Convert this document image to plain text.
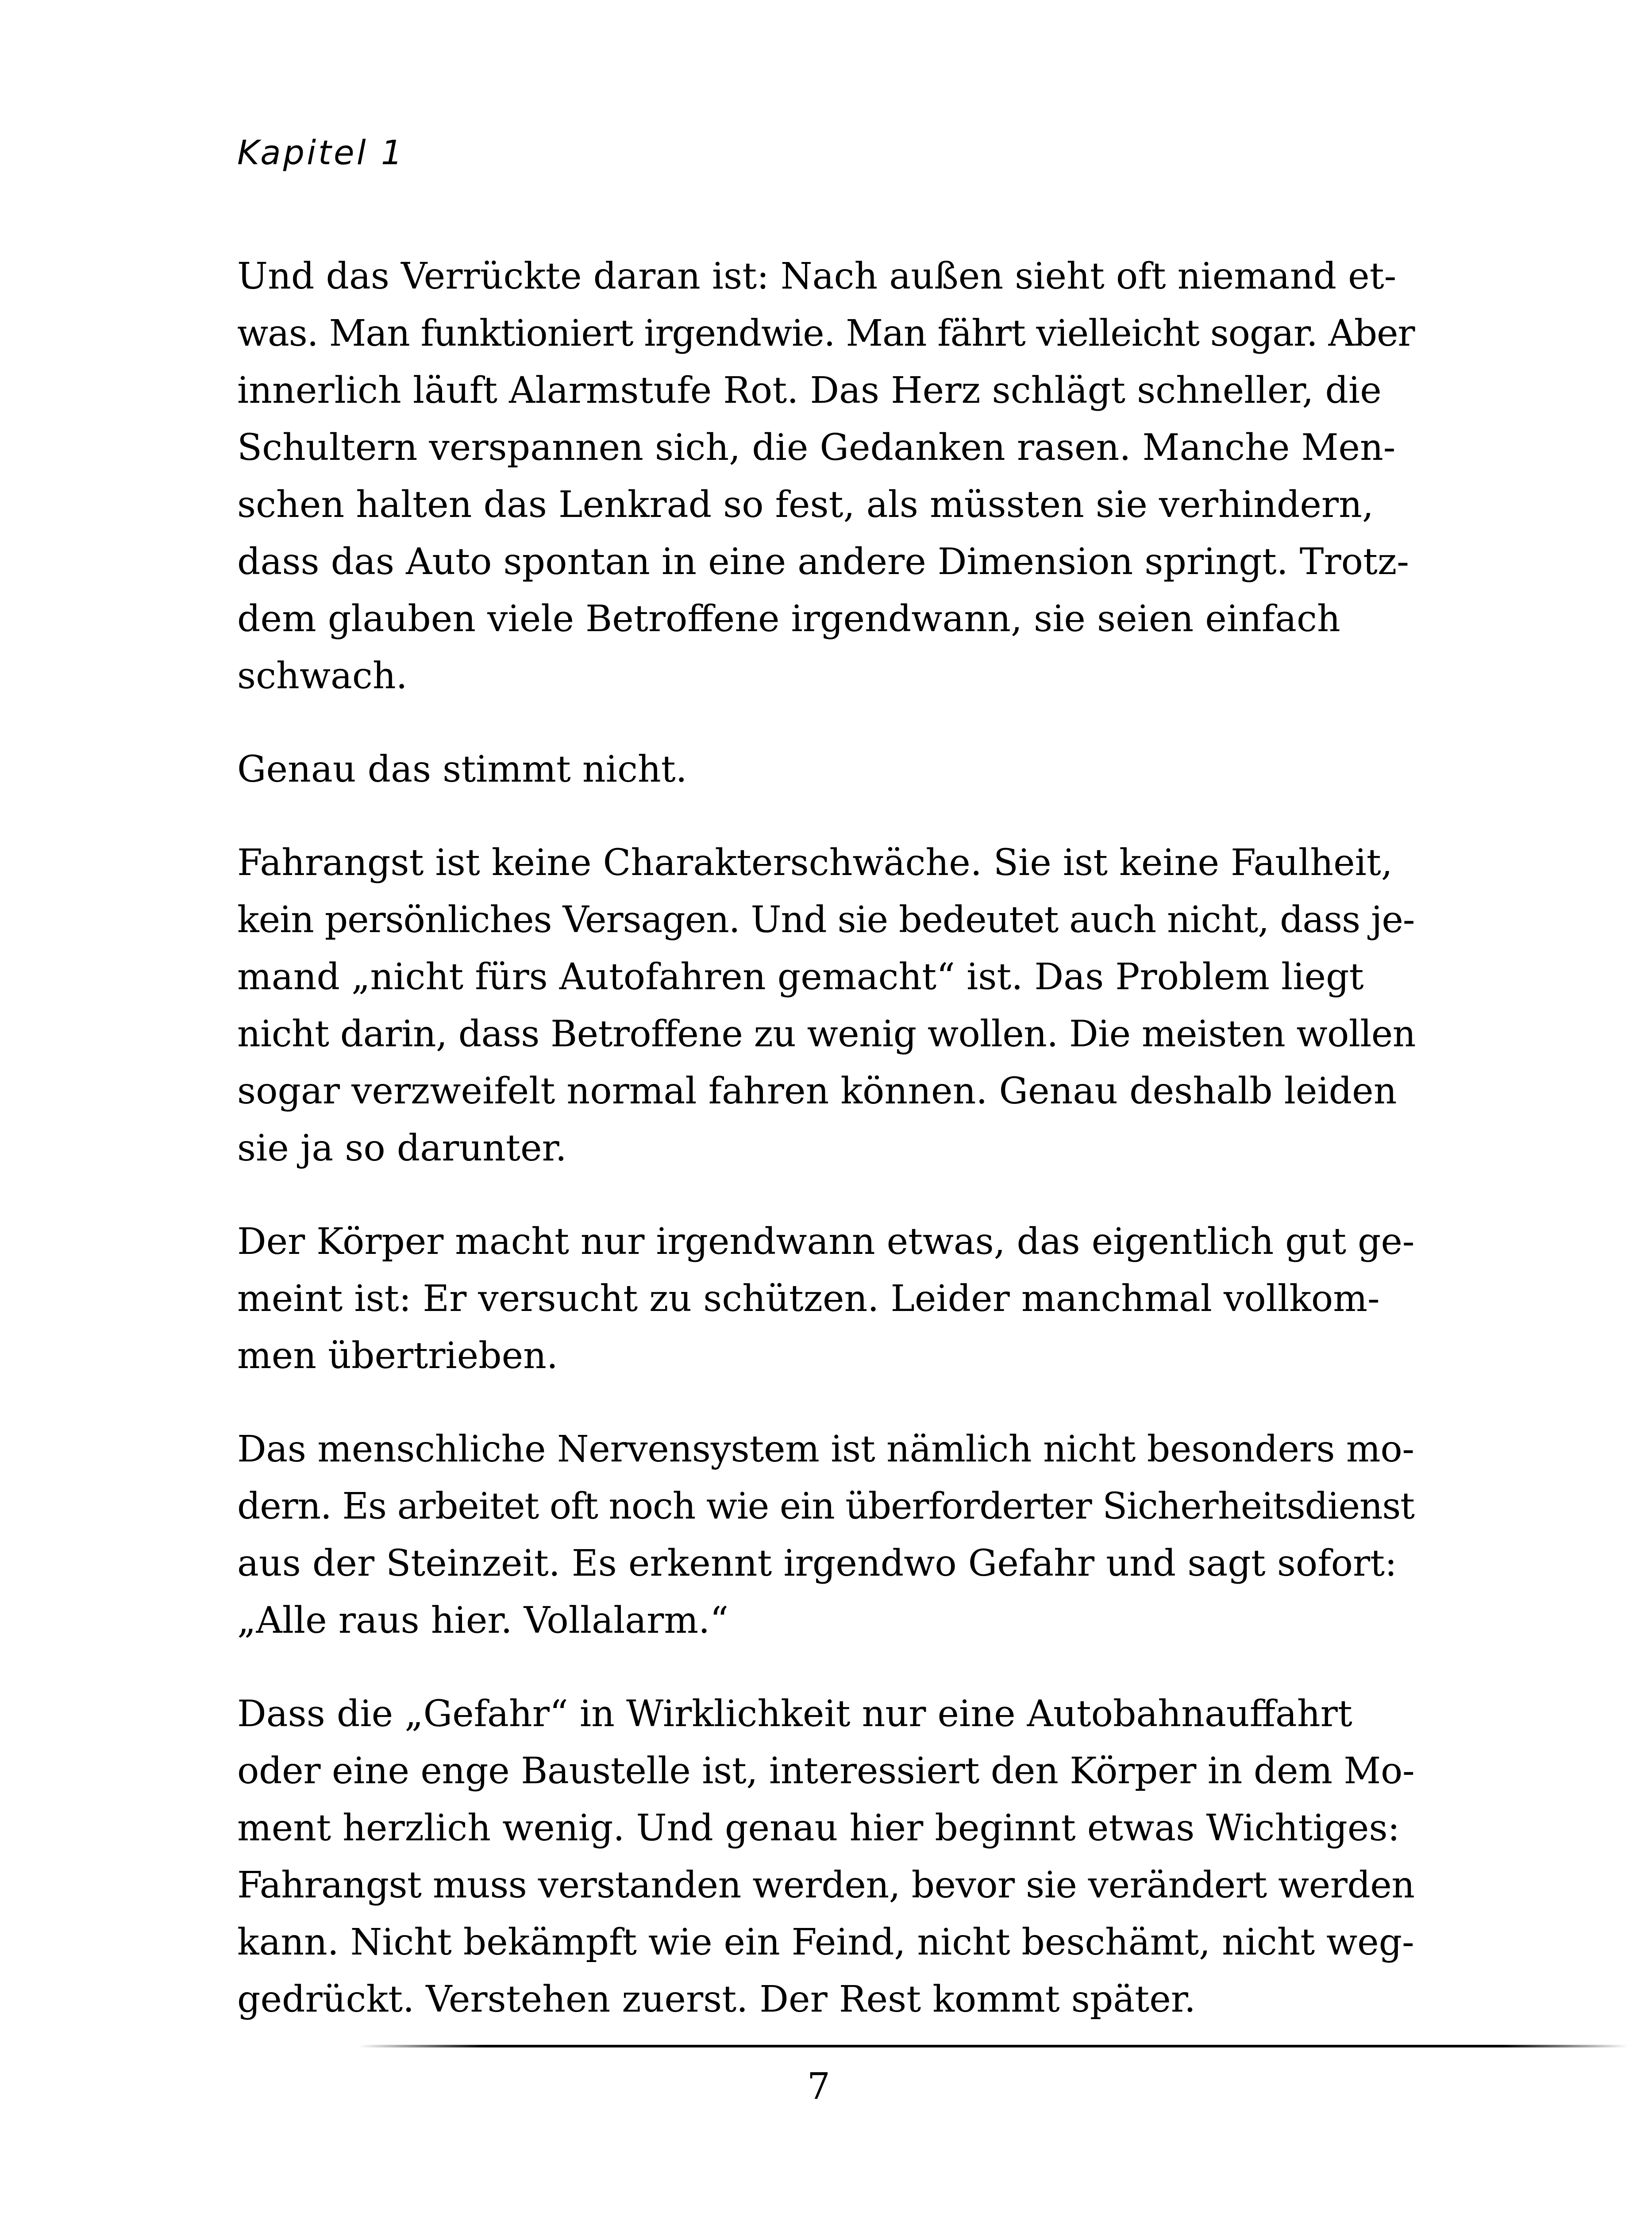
Kapitel 1

Und das Verrückte daran ist: Nach außen sieht oft niemand et-
was. Man funktioniert irgendwie. Man fährt vielleicht sogar. Aber
innerlich läuft Alarmstufe Rot. Das Herz schlägt schneller, die
Schultern verspannen sich, die Gedanken rasen. Manche Men-
schen halten das Lenkrad so fest, als müssten sie verhindern,
dass das Auto spontan in eine andere Dimension springt. Trotz-
dem glauben viele Betroffene irgendwann, sie seien einfach
schwach.

Genau das stimmt nicht.

Fahrangst ist keine Charakterschwäche. Sie ist keine Faulheit,
kein persönliches Versagen. Und sie bedeutet auch nicht, dass je-
mand „nicht fürs Autofahren gemacht“ ist. Das Problem liegt
nicht darin, dass Betroffene zu wenig wollen. Die meisten wollen
sogar verzweifelt normal fahren können. Genau deshalb leiden
sie ja so darunter.

Der Körper macht nur irgendwann etwas, das eigentlich gut ge-
meint ist: Er versucht zu schützen. Leider manchmal vollkom-
men übertrieben.

Das menschliche Nervensystem ist nämlich nicht besonders mo-
dern. Es arbeitet oft noch wie ein überforderter Sicherheitsdienst
aus der Steinzeit. Es erkennt irgendwo Gefahr und sagt sofort:
„Alle raus hier. Vollalarm.“

Dass die „Gefahr“ in Wirklichkeit nur eine Autobahnauffahrt
oder eine enge Baustelle ist, interessiert den Körper in dem Mo-
ment herzlich wenig. Und genau hier beginnt etwas Wichtiges:
Fahrangst muss verstanden werden, bevor sie verändert werden
kann. Nicht bekämpft wie ein Feind, nicht beschämt, nicht weg-
gedrückt. Verstehen zuerst. Der Rest kommt später.

7
